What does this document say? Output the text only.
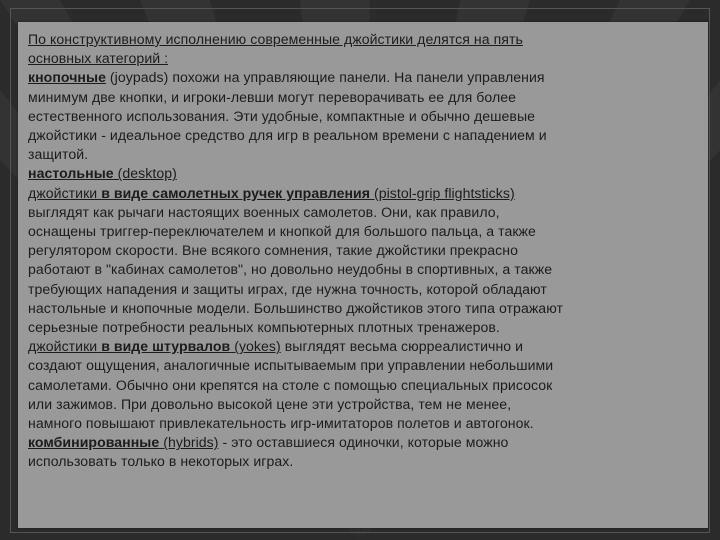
По конструктивному исполнению современные джойстики делятся на пять
основных категорий :
кнопочные (joypads) похожи на управляющие панели. На панели управления
минимум две кнопки, и игроки-левши могут переворачивать ее для более
естественного использования. Эти удобные, компактные и обычно дешевые
джойстики - идеальное средство для игр в реальном времени с нападением и
защитой.
настольные (desktop)
джойстики в виде самолетных ручек управления (pistol-grip flightsticks)
выглядят как рычаги настоящих военных самолетов. Они, как правило,
оснащены триггер-переключателем и кнопкой для большого пальца, а также
регулятором скорости. Вне всякого сомнения, такие джойстики прекрасно
работают в "кабинах самолетов", но довольно неудобны в спортивных, а также
требующих нападения и защиты играх, где нужна точность, которой обладают
настольные и кнопочные модели. Большинство джойстиков этого типа отражают
серьезные потребности реальных компьютерных плотных тренажеров.
джойстики в виде штурвалов (yokes) выглядят весьма сюрреалистично и
создают ощущения, аналогичные испытываемым при управлении небольшими
самолетами. Обычно они крепятся на столе с помощью специальных присосок
или зажимов. При довольно высокой цене эти устройства, тем не менее,
намного повышают привлекательность игр-имитаторов полетов и автогонок.
комбинированные (hybrids) - это оставшиеся одиночки, которые можно
использовать только в некоторых играх.
